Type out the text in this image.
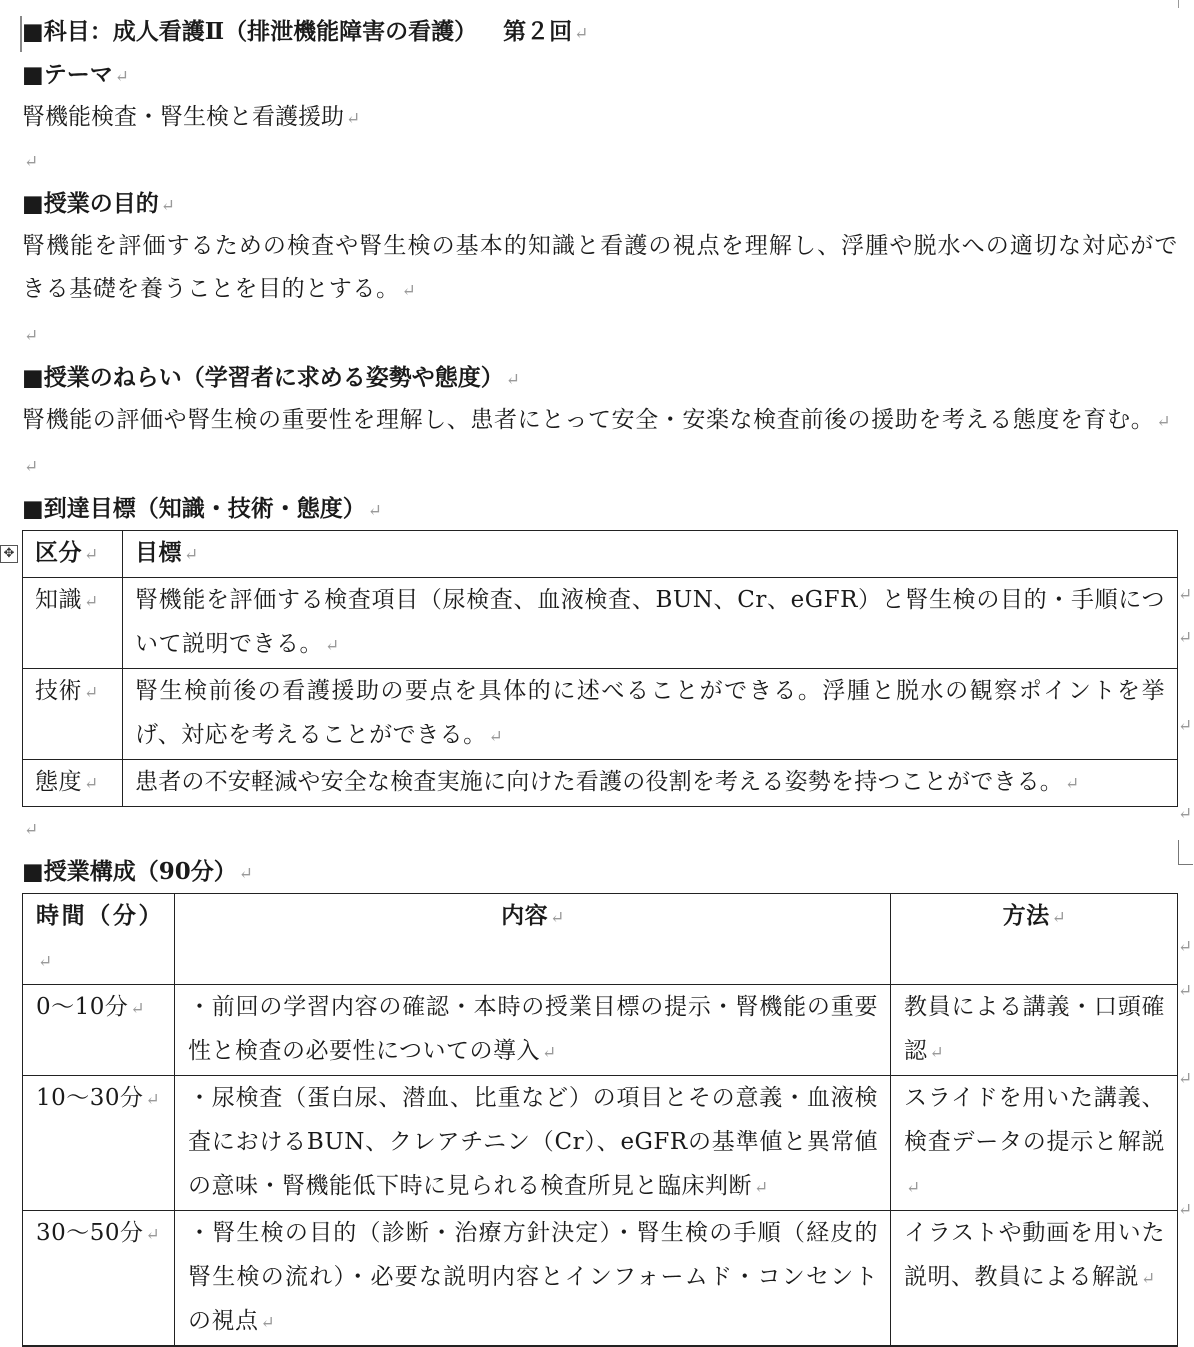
✥
■科目：成人看護Ⅱ（排泄機能障害の看護） 第２回 ↵
■テーマ ↵
腎機能検査・腎生検と看護援助 ↵
↵
■授業の目的 ↵
腎機能を評価するための検査や腎生検の基本的知識と看護の視点を理解し、浮腫や脱水への適切な対応ができる基礎を養うことを目的とする。 ↵
↵
■授業のねらい（学習者に求める姿勢や態度） ↵
腎機能の評価や腎生検の重要性を理解し、患者にとって安全・安楽な検査前後の援助を考える態度を育む。 ↵
↵
■到達目標（知識・技術・態度） ↵
区分 ↵	目標 ↵
知識 ↵	腎機能を評価する検査項目（尿検査、血液検査、BUN、Cr、eGFR）と腎生検の目的・手順について説明できる。 ↵
技術 ↵	腎生検前後の看護援助の要点を具体的に述べることができる。浮腫と脱水の観察ポイントを挙げ、対応を考えることができる。 ↵
態度 ↵	患者の不安軽減や安全な検査実施に向けた看護の役割を考える姿勢を持つことができる。 ↵
↵
■授業構成（90分） ↵
時間（分）↵	内容 ↵	方法 ↵
0～10分 ↵	・前回の学習内容の確認・本時の授業目標の提示・腎機能の重要性と検査の必要性についての導入 ↵	教員による講義・口頭確認 ↵
10～30分 ↵	・尿検査（蛋白尿、潜血、比重など）の項目とその意義・血液検査におけるBUN、クレアチニン（Cr）、eGFRの基準値と異常値の意味・腎機能低下時に見られる検査所見と臨床判断 ↵	スライドを用いた講義、検査データの提示と解説↵
30～50分 ↵	・腎生検の目的（診断・治療方針決定）・腎生検の手順（経皮的腎生検の流れ）・必要な説明内容とインフォームド・コンセントの視点 ↵	イラストや動画を用いた説明、教員による解説 ↵

↵
↵
↵
↵
↵
↵
↵
↵
